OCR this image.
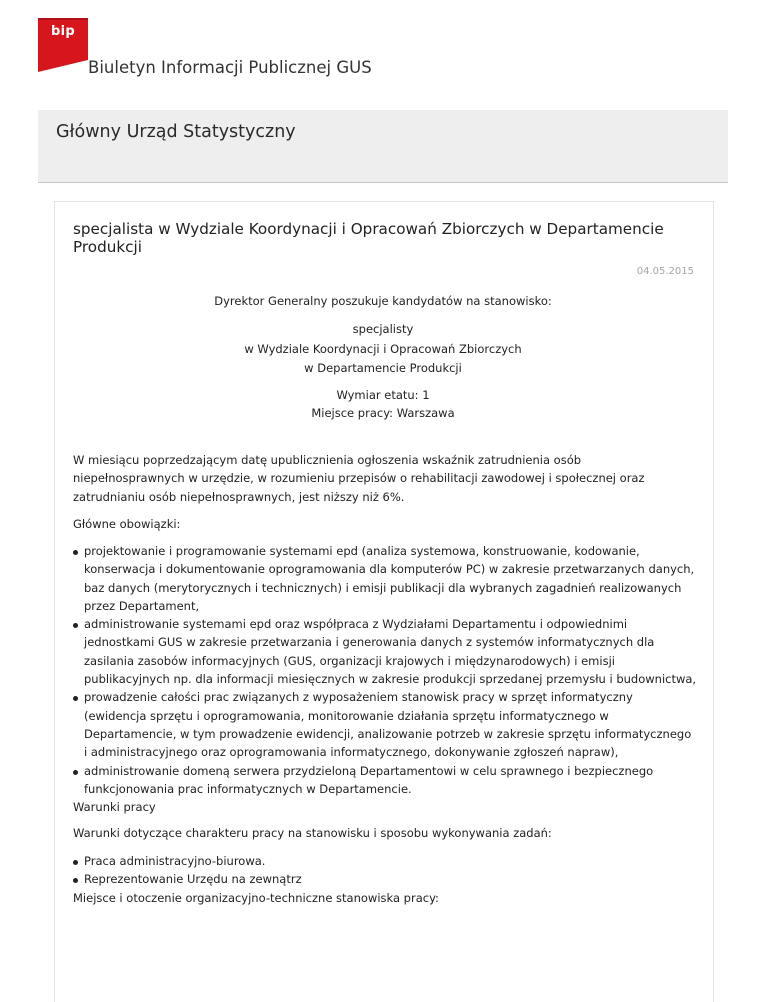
bip
Biuletyn Informacji Publicznej GUS
Główny Urząd Statystyczny
specjalista w Wydziale Koordynacji i Opracowań Zbiorczych w Departamencie Produkcji
04.05.2015
Dyrektor Generalny poszukuje kandydatów na stanowisko:
specjalisty
w Wydziale Koordynacji i Opracowań Zbiorczych
w Departamencie Produkcji
Wymiar etatu: 1
Miejsce pracy: Warszawa
W miesiącu poprzedzającym datę upublicznienia ogłoszenia wskaźnik zatrudnienia osób niepełnosprawnych w urzędzie, w rozumieniu przepisów o rehabilitacji zawodowej i społecznej oraz zatrudnianiu osób niepełnosprawnych, jest niższy niż 6%.
Główne obowiązki:
projektowanie i programowanie systemami epd (analiza systemowa, konstruowanie, kodowanie, konserwacja i dokumentowanie oprogramowania dla komputerów PC) w zakresie przetwarzanych danych, baz danych (merytorycznych i technicznych) i emisji publikacji dla wybranych zagadnień realizowanych przez Departament,
administrowanie systemami epd oraz współpraca z Wydziałami Departamentu i odpowiednimi jednostkami GUS w zakresie przetwarzania i generowania danych z systemów informatycznych dla zasilania zasobów informacyjnych (GUS, organizacji krajowych i międzynarodowych) i emisji publikacyjnych np. dla informacji miesięcznych w zakresie produkcji sprzedanej przemysłu i budownictwa,
prowadzenie całości prac związanych z wyposażeniem stanowisk pracy w sprzęt informatyczny (ewidencja sprzętu i oprogramowania, monitorowanie działania sprzętu informatycznego w Departamencie, w tym prowadzenie ewidencji, analizowanie potrzeb w zakresie sprzętu informatycznego i administracyjnego oraz oprogramowania informatycznego, dokonywanie zgłoszeń napraw),
administrowanie domeną serwera przydzieloną Departamentowi w celu sprawnego i bezpiecznego funkcjonowania prac informatycznych w Departamencie.
Warunki pracy
Warunki dotyczące charakteru pracy na stanowisku i sposobu wykonywania zadań:
Praca administracyjno-biurowa.
Reprezentowanie Urzędu na zewnątrz
Miejsce i otoczenie organizacyjno-techniczne stanowiska pracy:
